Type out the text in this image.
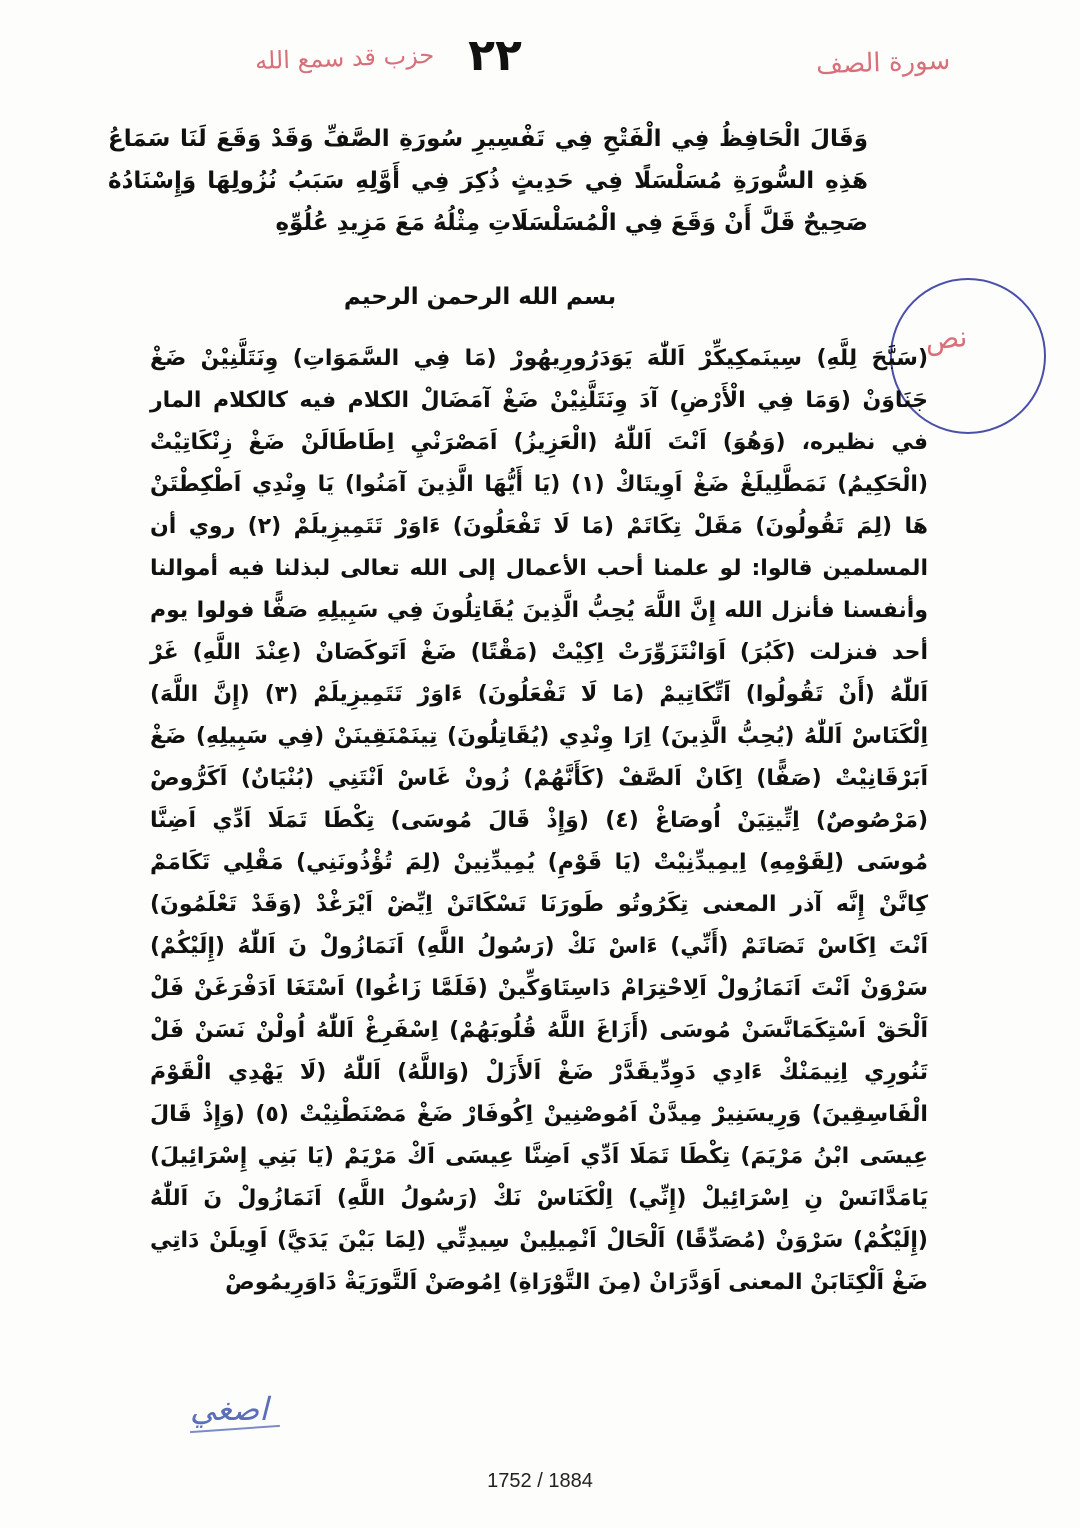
سورة الصف
٢٢
حزب قد سمع الله
وَقَالَ الْحَافِظُ فِي الْفَتْحِ فِي تَفْسِيرِ سُورَةِ الصَّفِّ وَقَدْ وَقَعَ لَنَا سَمَاعُ هَذِهِ السُّورَةِ مُسَلْسَلًا فِي حَدِيثٍ ذُكِرَ فِي أَوَّلِهِ سَبَبُ نُزُولِهَا وَإِسْنَادُهُ صَحِيحٌ قَلَّ أَنْ وَقَعَ فِي الْمُسَلْسَلَاتِ مِثْلُهُ مَعَ مَزِيدِ عُلُوِّهِ
بسم الله الرحمن الرحيم
نص

(سَبَّحَ لِلَّهِ) سِينَمكِيكِّرْ اَللّٰهَ يَوَدَرُورِيهُورْ (مَا فِي السَّمَوَاتِ) وِنَتَلَّنِيْنْ ضَغْ

جَنَاوَنْ (وَمَا فِي الْأَرْضِ) آدَ وِنَتَلَّنِيْنْ ضَغْ آمَضَالْ الكلام فيه كالكلام المار

في نظيره، (وَهُوَ) اَنْتَ اَللّٰهُ (الْعَزِيزُ) اَمَصْرَنْيِ اِطَاطَالَنْ ضَغْ زِنْكَاتِيْتْ

(الْحَكِيمُ) نَمَطَّلِيلَغْ ضَغْ اَوِيتَاكْ (١) (يَا أَيُّهَا الَّذِينَ آمَنُوا) يَا وِنْدِي اَطْكِطْتَنْ

هَا (لِمَ تَقُولُونَ) مَقَلْ تِكَاتَمْ (مَا لَا تَفْعَلُونَ) ءَاوَرْ تَتَمِيزِيلَمْ (٢) روي أن

المسلمين قالوا: لو علمنا أحب الأعمال إلى الله تعالى لبذلنا فيه أموالنا

وأنفسنا فأنزل الله إِنَّ اللَّهَ يُحِبُّ الَّذِينَ يُقَاتِلُونَ فِي سَبِيلِهِ صَفًّا فولوا يوم

أحد فنزلت (كَبُرَ) اَوَانْتَزَوِّرَتْ اِكِيْتْ (مَقْتًا) ضَغْ اَتَوكَصَانْ (عِنْدَ اللَّهِ) غَرْ

اَللّٰهُ (أَنْ تَقُولُوا) اَتِّكَاتِيمْ (مَا لَا تَفْعَلُونَ) ءَاوَرْ تَتَمِيزِيلَمْ (٣) (إِنَّ اللَّهَ)

اِلْكَنَاسْ اَللّٰهُ (يُحِبُّ الَّذِينَ) اِرَا وِنْدِي (يُقَاتِلُونَ) تِينَمْنَقِينَنْ (فِي سَبِيلِهِ) ضَغْ

اَبَرْقَانِيْتْ (صَفًّا) اِكَانْ اَلصَّفْ (كَأَنَّهُمْ) زُونْ غَاسْ اَنْتَنِي (بُنْيَانٌ) اَكَرُّوصْ

(مَرْصُوصٌ) اِتِّيتِيَنْ اُوصَاغْ (٤) (وَإِذْ قَالَ مُوسَى) تِكْطَا تَمَلَا اَدِّي اَضِنَّا

مُوسَى (لِقَوْمِهِ) اِيمِيدِّنِيْتْ (يَا قَوْمِ) يُمِيدِّنِينْ (لِمَ تُؤْذُونَنِي) مَقْلِي تَكَامَمْ

كِانَّنْ إِنَّه آذر المعنى تِكَرُوتُو طَورَنَا تَسْكَاتَنْ اِيِّضْ اَيْرَغْدْ (وَقَدْ تَعْلَمُونَ)

اَنْتَ اِكَاسْ تَصَاتَمْ (أَنِّي) ءَاسْ نَكْ (رَسُولُ اللَّهِ) اَنَمَازُولْ نَ اَللّٰهُ (إِلَيْكُمْ)

سَرْوَنْ اَنْتَ اَنَمَازُولْ اَلِاحْتِرَامْ دَاسِتَاوَكِّينْ (فَلَمَّا زَاغُوا) اَسْتَغَا اَدَفْرَغَنْ فَلْ

اَلْحَقْ اَسْتِكَمَانَّسَنْ مُوسَى (أَزَاغَ اللَّهُ قُلُوبَهُمْ) اِسْفَرِغْ اَللّٰهُ اُولْنْ نَسَنْ فَلْ

تَنُورِي اِنِيمَنْكْ ءَادِي دَوِدِّيقَدَّرْ ضَغْ اَلأَزَلْ (وَاللَّهُ) اَللّٰهُ (لَا يَهْدِي الْقَوْمَ

الْفَاسِقِينَ) وَرِيسَنِيرْ مِيدَّنْ اَمُوصْنِينْ اِكُوفَارْ ضَغْ مَصْنَطْنِيْتْ (٥) (وَإِذْ قَالَ

عِيسَى ابْنُ مَرْيَمَ) تِكْطَا تَمَلَا اَدِّي اَضِنَّا عِيسَى اَكْ مَرْيَمْ (يَا بَنِي إِسْرَائِيلَ)

يَامَدَّانَسْ نِ اِسْرَائِيلْ (إِنِّي) اِلْكَنَاسْ نَكْ (رَسُولُ اللَّهِ) اَنَمَازُولْ نَ اَللّٰهُ

(إِلَيْكُمْ) سَرْوَنْ (مُصَدِّقًا) اَلْحَالْ اَنْمِيلِينْ سِيدِتِّي (لِمَا بَيْنَ يَدَيَّ) اَوِيلَنْ دَاتِي

ضَغْ اَلْكِتَابَنْ المعنى اَوَدَّرَانْ (مِنَ التَّوْرَاةِ) اِمُوصَنْ اَلتَّورَيَةْ دَاوَرِيمُوصْ

اصغي
1752 / 1884
